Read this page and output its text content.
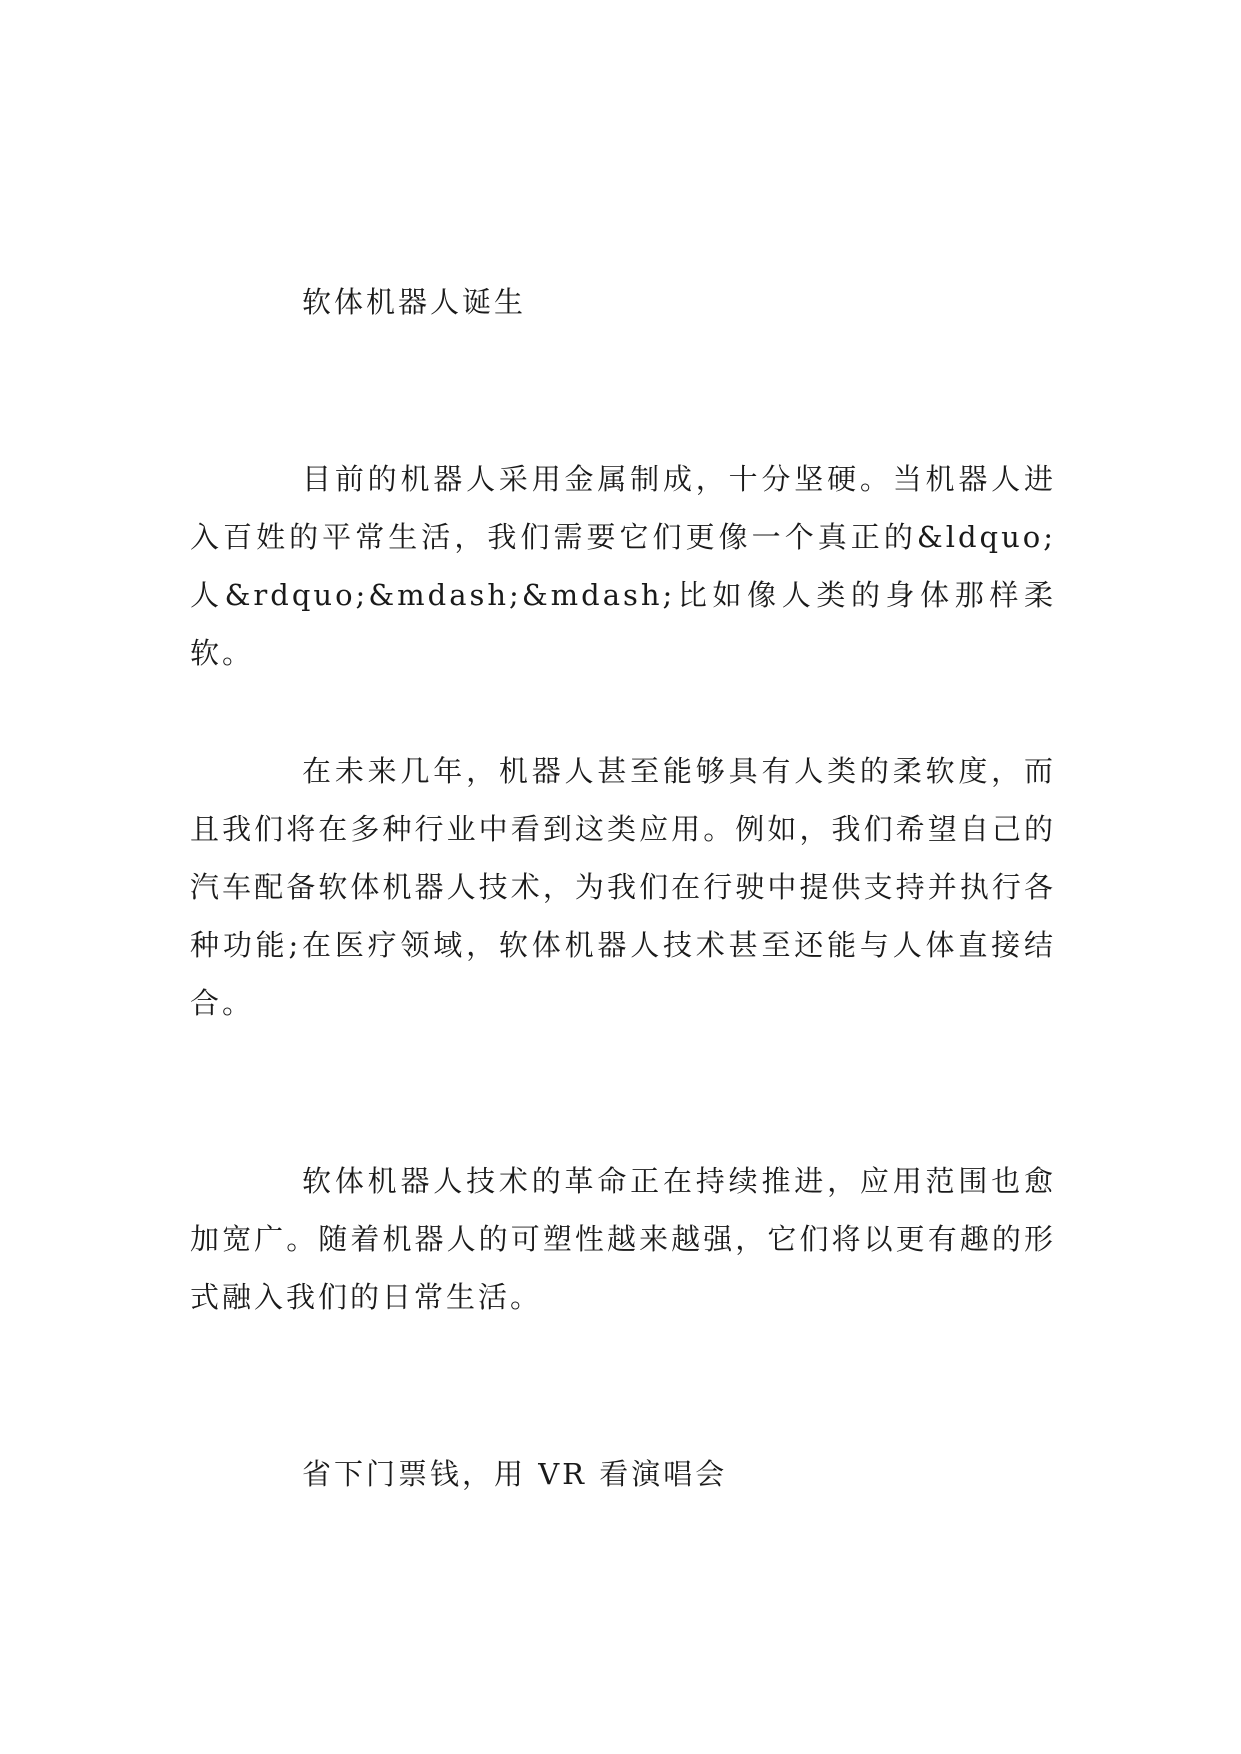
软体机器人诞生

目前的机器人采用金属制成，十分坚硬。当机器人进入百姓的平常生活，我们需要它们更像一个真正的&ldquo;人&rdquo;&mdash;&mdash;比如像人类的身体那样柔软。

在未来几年，机器人甚至能够具有人类的柔软度，而且我们将在多种行业中看到这类应用。例如，我们希望自己的汽车配备软体机器人技术，为我们在行驶中提供支持并执行各种功能;在医疗领域，软体机器人技术甚至还能与人体直接结合。

软体机器人技术的革命正在持续推进，应用范围也愈加宽广。随着机器人的可塑性越来越强，它们将以更有趣的形式融入我们的日常生活。

省下门票钱，用 VR 看演唱会
